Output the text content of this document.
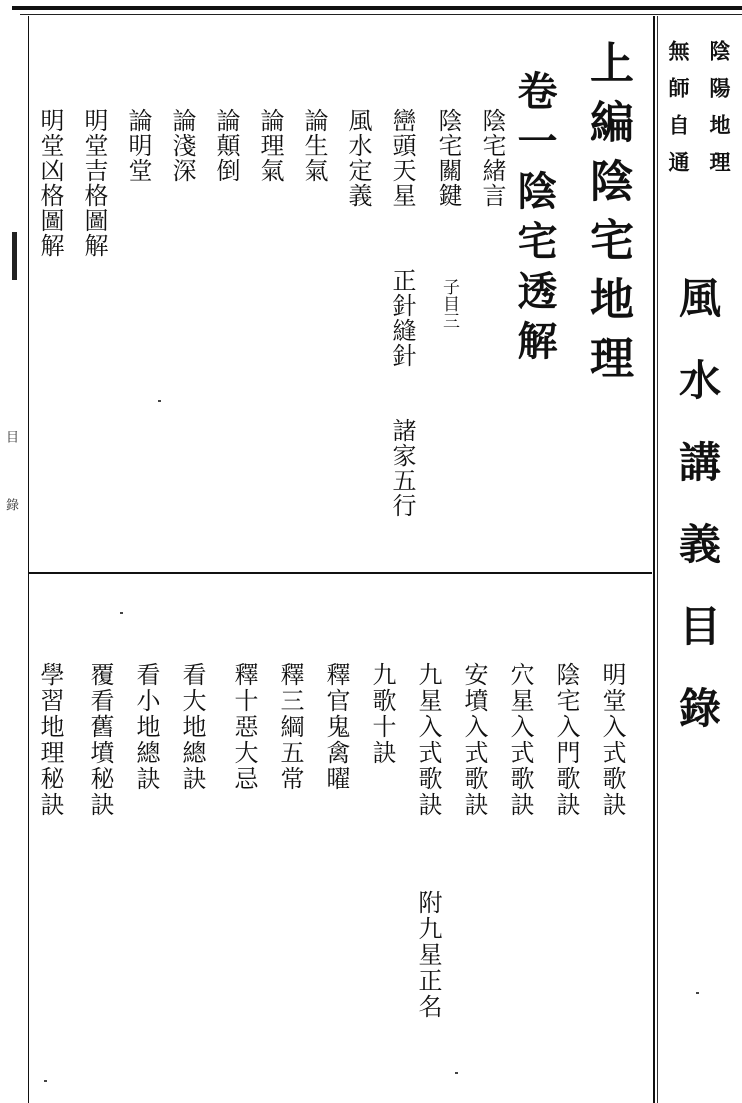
目
錄
陰陽地理
無師自通
風水講義目錄
上編陰宅地理
卷一陰宅透解
陰宅緒言
陰宅關鍵
子目三
巒頭天星
正針縫針
諸家五行
風水定義
論生氣
論理氣
論顛倒
論淺深
論明堂
明堂吉格圖解
明堂凶格圖解
明堂入式歌訣
陰宅入門歌訣
穴星入式歌訣
安墳入式歌訣
九星入式歌訣
附九星正名
九歌十訣
釋官鬼禽曜
釋三綱五常
釋十惡大忌
看大地總訣
看小地總訣
覆看舊墳秘訣
學習地理秘訣
